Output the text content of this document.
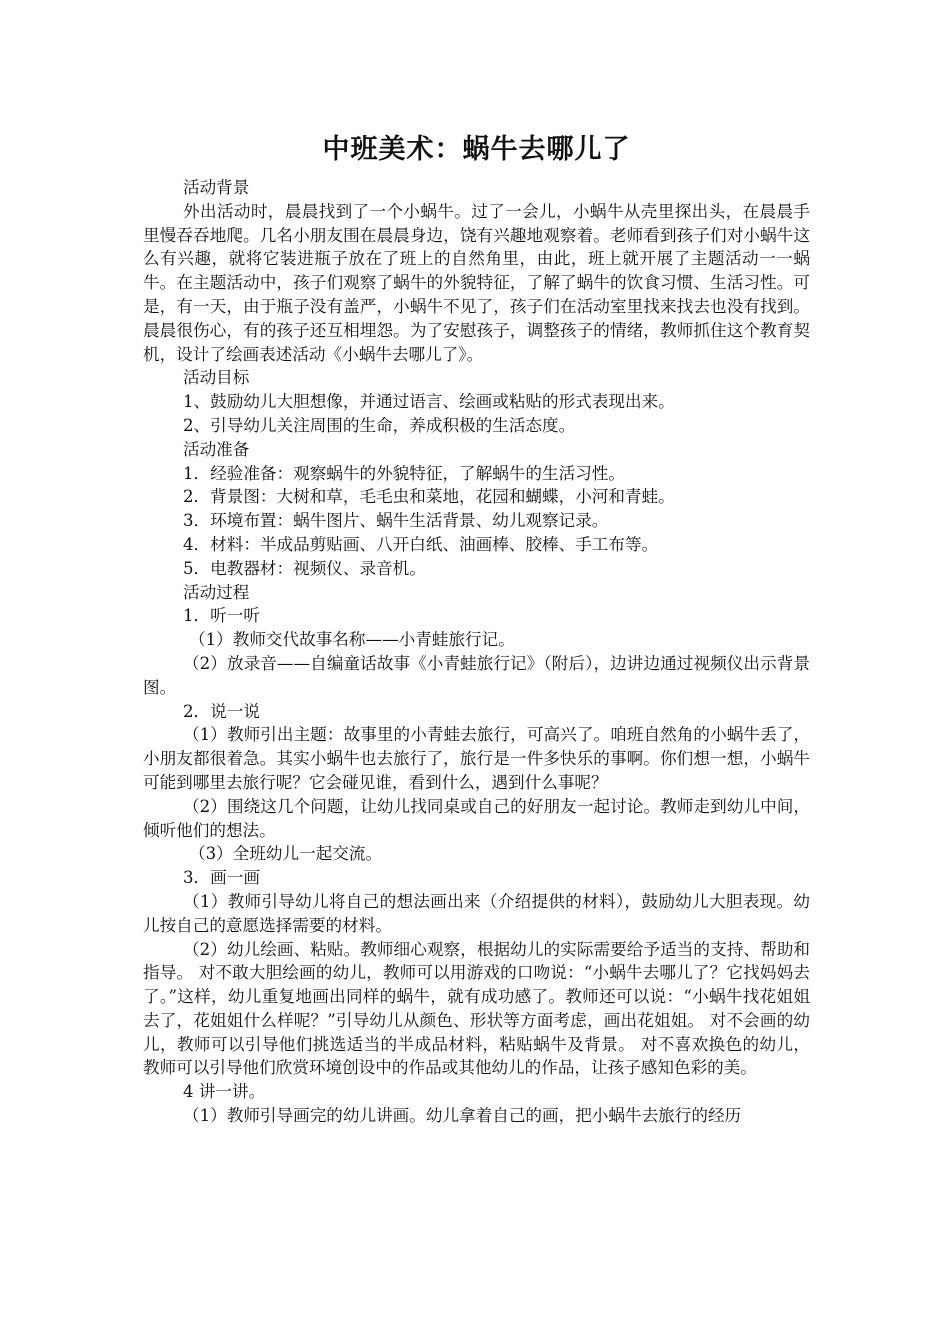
中班美术：蜗牛去哪儿了

活动背景

外出活动时，晨晨找到了一个小蜗牛。过了一会儿，小蜗牛从壳里探出头，在晨晨手里慢吞吞地爬。几名小朋友围在晨晨身边，饶有兴趣地观察着。老师看到孩子们对小蜗牛这么有兴趣，就将它装进瓶子放在了班上的自然角里，由此，班上就开展了主题活动一一蜗牛。在主题活动中，孩子们观察了蜗牛的外貌特征，了解了蜗牛的饮食习惯、生活习性。可是，有一天，由于瓶子没有盖严，小蜗牛不见了，孩子们在活动室里找来找去也没有找到。晨晨很伤心，有的孩子还互相埋怨。为了安慰孩子，调整孩子的情绪，教师抓住这个教育契机，设计了绘画表述活动《小蜗牛去哪儿了》。

活动目标

1、鼓励幼儿大胆想像，并通过语言、绘画或粘贴的形式表现出来。

2、引导幼儿关注周围的生命，养成积极的生活态度。

活动准备

1．经验准备：观察蜗牛的外貌特征，了解蜗牛的生活习性。

2．背景图：大树和草，毛毛虫和菜地，花园和蝴蝶，小河和青蛙。

3．环境布置：蜗牛图片、蜗牛生活背景、幼儿观察记录。

4．材料：半成品剪贴画、八开白纸、油画棒、胶棒、手工布等。

5．电教器材：视频仪、录音机。

活动过程

1．听一听

（1）教师交代故事名称——小青蛙旅行记。

（2）放录音——自编童话故事《小青蛙旅行记》（附后），边讲边通过视频仪出示背景图。

2．说一说

（1）教师引出主题：故事里的小青蛙去旅行，可高兴了。咱班自然角的小蜗牛丢了，小朋友都很着急。其实小蜗牛也去旅行了，旅行是一件多快乐的事啊。你们想一想，小蜗牛可能到哪里去旅行呢？它会碰见谁，看到什么，遇到什么事呢？

（2）围绕这几个问题，让幼儿找同桌或自己的好朋友一起讨论。教师走到幼儿中间，倾听他们的想法。

（3）全班幼儿一起交流。

3．画一画

（1）教师引导幼儿将自己的想法画出来（介绍提供的材料），鼓励幼儿大胆表现。幼儿按自己的意愿选择需要的材料。

（2）幼儿绘画、粘贴。教师细心观察，根据幼儿的实际需要给予适当的支持、帮助和指导。 对不敢大胆绘画的幼儿，教师可以用游戏的口吻说：“小蜗牛去哪儿了？它找妈妈去了。”这样，幼儿重复地画出同样的蜗牛，就有成功感了。教师还可以说：“小蜗牛找花姐姐去了，花姐姐什么样呢？”引导幼儿从颜色、形状等方面考虑，画出花姐姐。 对不会画的幼儿，教师可以引导他们挑选适当的半成品材料，粘贴蜗牛及背景。 对不喜欢换色的幼儿，教师可以引导他们欣赏环境创设中的作品或其他幼儿的作品，让孩子感知色彩的美。

4 讲一讲。

（1）教师引导画完的幼儿讲画。幼儿拿着自己的画，把小蜗牛去旅行的经历
